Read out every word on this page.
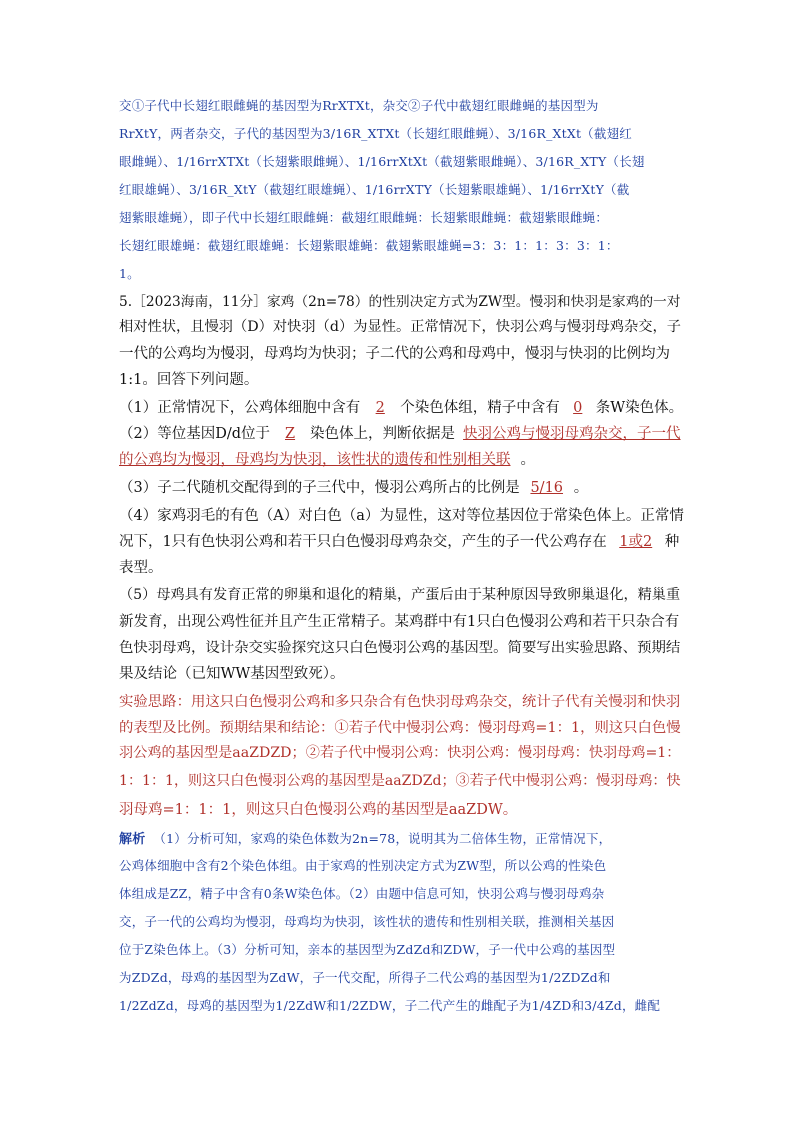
交①子代中长翅红眼雌蝇的基因型为RrXTXt，杂交②子代中截翅红眼雌蝇的基因型为
RrXtY，两者杂交，子代的基因型为3/16R_XTXt（长翅红眼雌蝇）、3/16R_XtXt（截翅红
眼雌蝇）、1/16rrXTXt（长翅紫眼雌蝇）、1/16rrXtXt（截翅紫眼雌蝇）、3/16R_XTY（长翅
红眼雄蝇）、3/16R_XtY（截翅红眼雄蝇）、1/16rrXTY（长翅紫眼雄蝇）、1/16rrXtY（截
翅紫眼雄蝇），即子代中长翅红眼雌蝇：截翅红眼雌蝇：长翅紫眼雌蝇：截翅紫眼雌蝇：
长翅红眼雄蝇：截翅红眼雄蝇：长翅紫眼雄蝇：截翅紫眼雄蝇=3：3：1：1：3：3：1：
1。
5.［2023海南，11分］家鸡（2n=78）的性别决定方式为ZW型。慢羽和快羽是家鸡的一对
相对性状，且慢羽（D）对快羽（d）为显性。正常情况下，快羽公鸡与慢羽母鸡杂交，子
一代的公鸡均为慢羽，母鸡均为快羽；子二代的公鸡和母鸡中，慢羽与快羽的比例均为
1:1。回答下列问题。
（1）正常情况下，公鸡体细胞中含有 2 个染色体组，精子中含有 0 条W染色体。
（2）等位基因D/d位于 Z 染色体上，判断依据是 快羽公鸡与慢羽母鸡杂交，子一代
的公鸡均为慢羽，母鸡均为快羽，该性状的遗传和性别相关联 。
（3）子二代随机交配得到的子三代中，慢羽公鸡所占的比例是 5/16 。
（4）家鸡羽毛的有色（A）对白色（a）为显性，这对等位基因位于常染色体上。正常情
况下，1只有色快羽公鸡和若干只白色慢羽母鸡杂交，产生的子一代公鸡存在 1或2 种
表型。
（5）母鸡具有发育正常的卵巢和退化的精巢，产蛋后由于某种原因导致卵巢退化，精巢重
新发育，出现公鸡性征并且产生正常精子。某鸡群中有1只白色慢羽公鸡和若干只杂合有
色快羽母鸡，设计杂交实验探究这只白色慢羽公鸡的基因型。简要写出实验思路、预期结
果及结论（已知WW基因型致死）。
实验思路：用这只白色慢羽公鸡和多只杂合有色快羽母鸡杂交，统计子代有关慢羽和快羽
的表型及比例。预期结果和结论：①若子代中慢羽公鸡：慢羽母鸡=1：1，则这只白色慢
羽公鸡的基因型是aaZDZD；②若子代中慢羽公鸡：快羽公鸡：慢羽母鸡：快羽母鸡=1：
1：1：1，则这只白色慢羽公鸡的基因型是aaZDZd；③若子代中慢羽公鸡：慢羽母鸡：快
羽母鸡=1：1：1，则这只白色慢羽公鸡的基因型是aaZDW。
解析 （1）分析可知，家鸡的染色体数为2n=78，说明其为二倍体生物，正常情况下，
公鸡体细胞中含有2个染色体组。由于家鸡的性别决定方式为ZW型，所以公鸡的性染色
体组成是ZZ，精子中含有0条W染色体。（2）由题中信息可知，快羽公鸡与慢羽母鸡杂
交，子一代的公鸡均为慢羽，母鸡均为快羽，该性状的遗传和性别相关联，推测相关基因
位于Z染色体上。（3）分析可知，亲本的基因型为ZdZd和ZDW，子一代中公鸡的基因型
为ZDZd，母鸡的基因型为ZdW，子一代交配，所得子二代公鸡的基因型为1/2ZDZd和
1/2ZdZd，母鸡的基因型为1/2ZdW和1/2ZDW，子二代产生的雌配子为1/4ZD和3/4Zd，雌配
